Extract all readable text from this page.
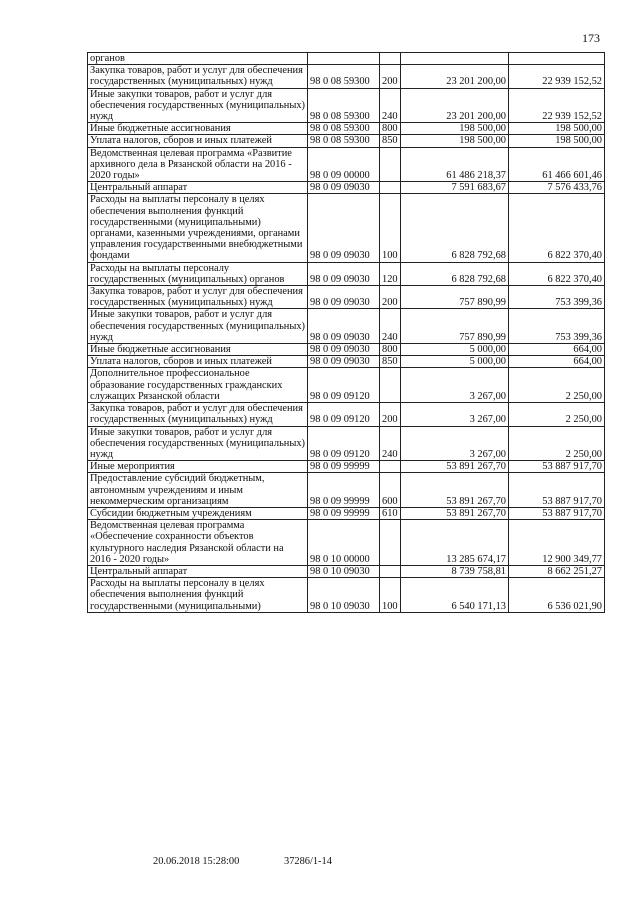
173
органов				
Закупка товаров, работ и услуг для обеспечения государственных (муниципальных) нужд	98 0 08 59300	200	23 201 200,00	22 939 152,52
Иные закупки товаров, работ и услуг для обеспечения государственных (муниципальных) нужд	98 0 08 59300	240	23 201 200,00	22 939 152,52
Иные бюджетные ассигнования	98 0 08 59300	800	198 500,00	198 500,00
Уплата налогов, сборов и иных платежей	98 0 08 59300	850	198 500,00	198 500,00
Ведомственная целевая программа «Развитие архивного дела в Рязанской области на 2016 - 2020 годы»	98 0 09 00000		61 486 218,37	61 466 601,46
Центральный аппарат	98 0 09 09030		7 591 683,67	7 576 433,76
Расходы на выплаты персоналу в целях обеспечения выполнения функций государственными (муниципальными) органами, казенными учреждениями, органами управления государственными внебюджетными фондами	98 0 09 09030	100	6 828 792,68	6 822 370,40
Расходы на выплаты персоналу государственных (муниципальных) органов	98 0 09 09030	120	6 828 792,68	6 822 370,40
Закупка товаров, работ и услуг для обеспечения государственных (муниципальных) нужд	98 0 09 09030	200	757 890,99	753 399,36
Иные закупки товаров, работ и услуг для обеспечения государственных (муниципальных) нужд	98 0 09 09030	240	757 890,99	753 399,36
Иные бюджетные ассигнования	98 0 09 09030	800	5 000,00	664,00
Уплата налогов, сборов и иных платежей	98 0 09 09030	850	5 000,00	664,00
Дополнительное профессиональное образование государственных гражданских служащих Рязанской области	98 0 09 09120		3 267,00	2 250,00
Закупка товаров, работ и услуг для обеспечения государственных (муниципальных) нужд	98 0 09 09120	200	3 267,00	2 250,00
Иные закупки товаров, работ и услуг для обеспечения государственных (муниципальных) нужд	98 0 09 09120	240	3 267,00	2 250,00
Иные мероприятия	98 0 09 99999		53 891 267,70	53 887 917,70
Предоставление субсидий бюджетным, автономным учреждениям и иным некоммерческим организациям	98 0 09 99999	600	53 891 267,70	53 887 917,70
Субсидии бюджетным учреждениям	98 0 09 99999	610	53 891 267,70	53 887 917,70
Ведомственная целевая программа «Обеспечение сохранности объектов культурного наследия Рязанской области на 2016 - 2020 годы»	98 0 10 00000		13 285 674,17	12 900 349,77
Центральный аппарат	98 0 10 09030		8 739 758,81	8 662 251,27
Расходы на выплаты персоналу в целях обеспечения выполнения функций государственными (муниципальными)	98 0 10 09030	100	6 540 171,13	6 536 021,90
20.06.2018 15:28:00	37286/1-14
